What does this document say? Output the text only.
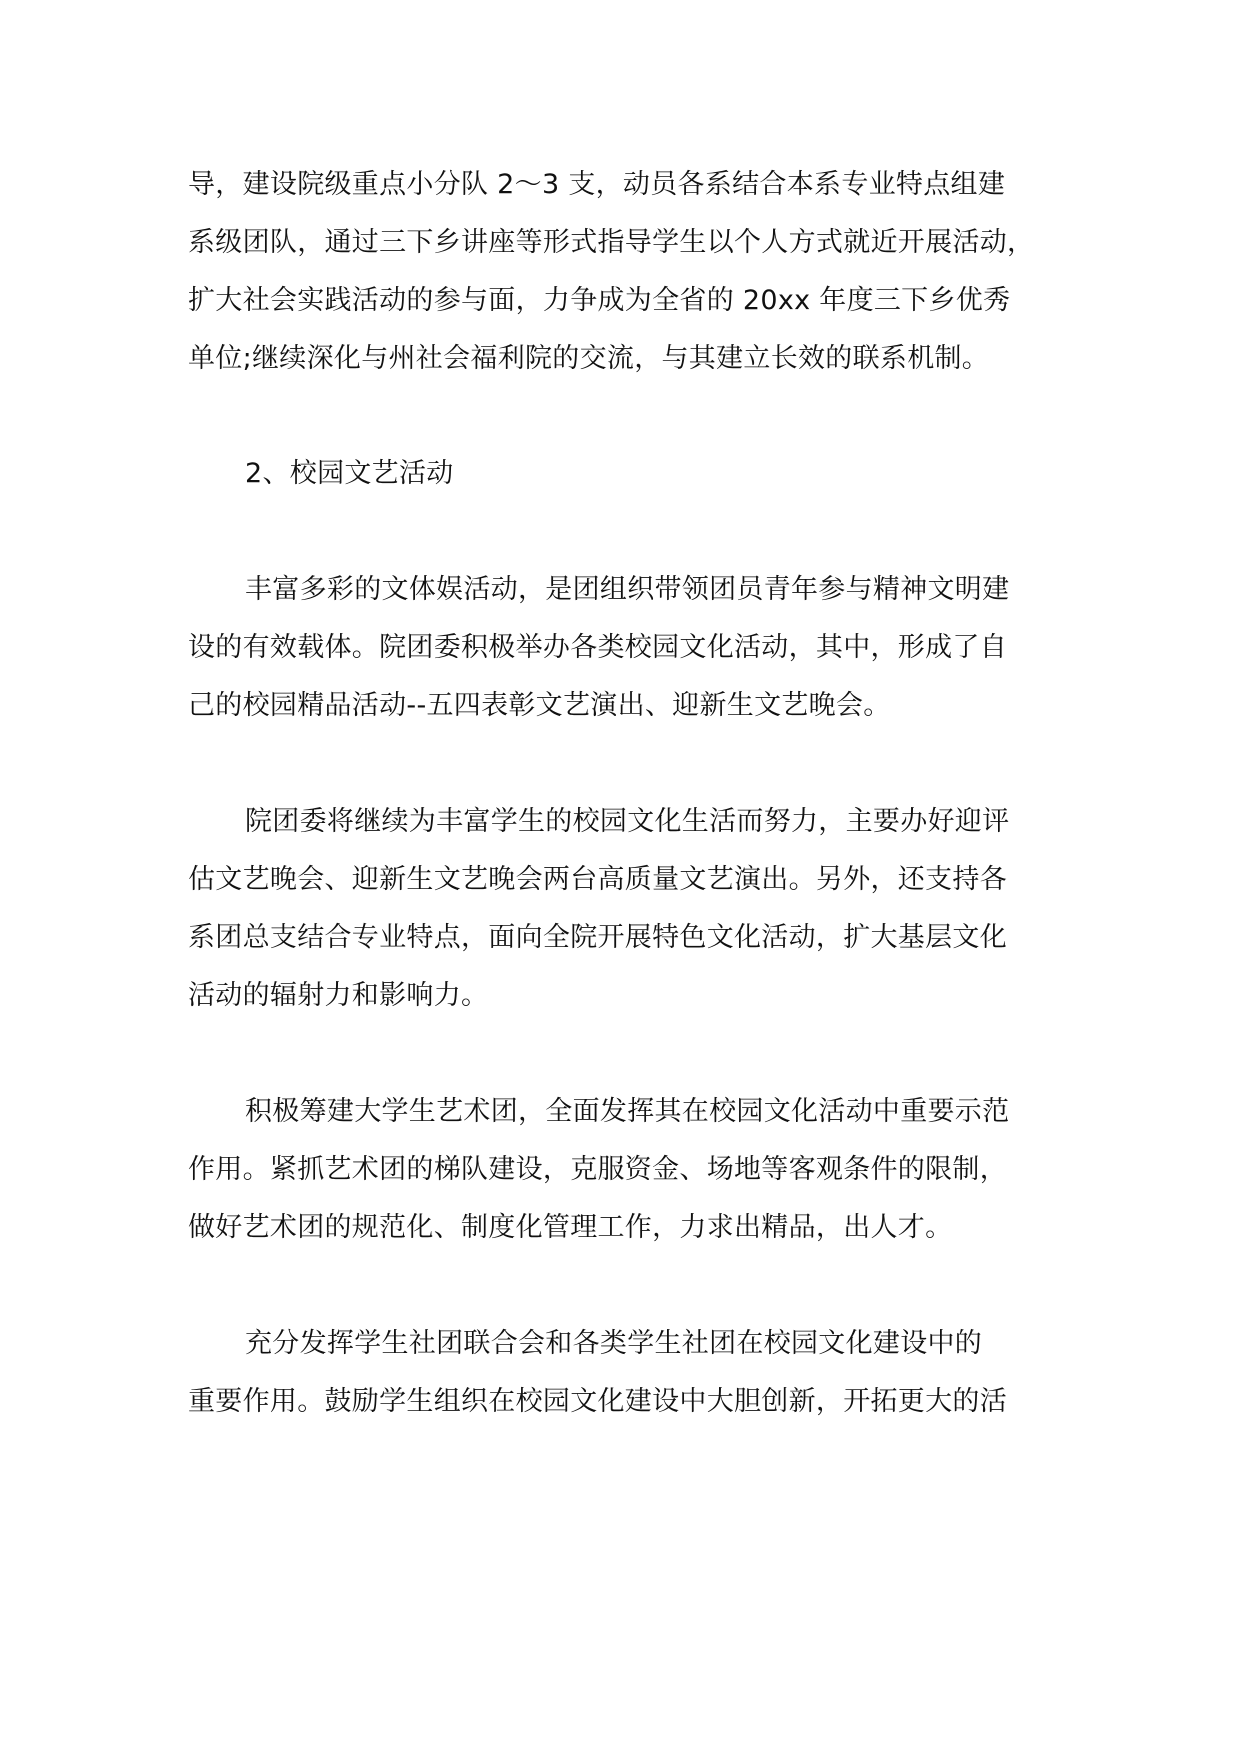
导，建设院级重点小分队 2～3 支，动员各系结合本系专业特点组建
系级团队，通过三下乡讲座等形式指导学生以个人方式就近开展活动，
扩大社会实践活动的参与面，力争成为全省的 20xx 年度三下乡优秀
单位;继续深化与州社会福利院的交流，与其建立长效的联系机制。
2、校园文艺活动
丰富多彩的文体娱活动，是团组织带领团员青年参与精神文明建
设的有效载体。院团委积极举办各类校园文化活动，其中，形成了自
己的校园精品活动--五四表彰文艺演出、迎新生文艺晚会。
院团委将继续为丰富学生的校园文化生活而努力，主要办好迎评
估文艺晚会、迎新生文艺晚会两台高质量文艺演出。另外，还支持各
系团总支结合专业特点，面向全院开展特色文化活动，扩大基层文化
活动的辐射力和影响力。
积极筹建大学生艺术团，全面发挥其在校园文化活动中重要示范
作用。紧抓艺术团的梯队建设，克服资金、场地等客观条件的限制，
做好艺术团的规范化、制度化管理工作，力求出精品，出人才。
充分发挥学生社团联合会和各类学生社团在校园文化建设中的
重要作用。鼓励学生组织在校园文化建设中大胆创新，开拓更大的活
